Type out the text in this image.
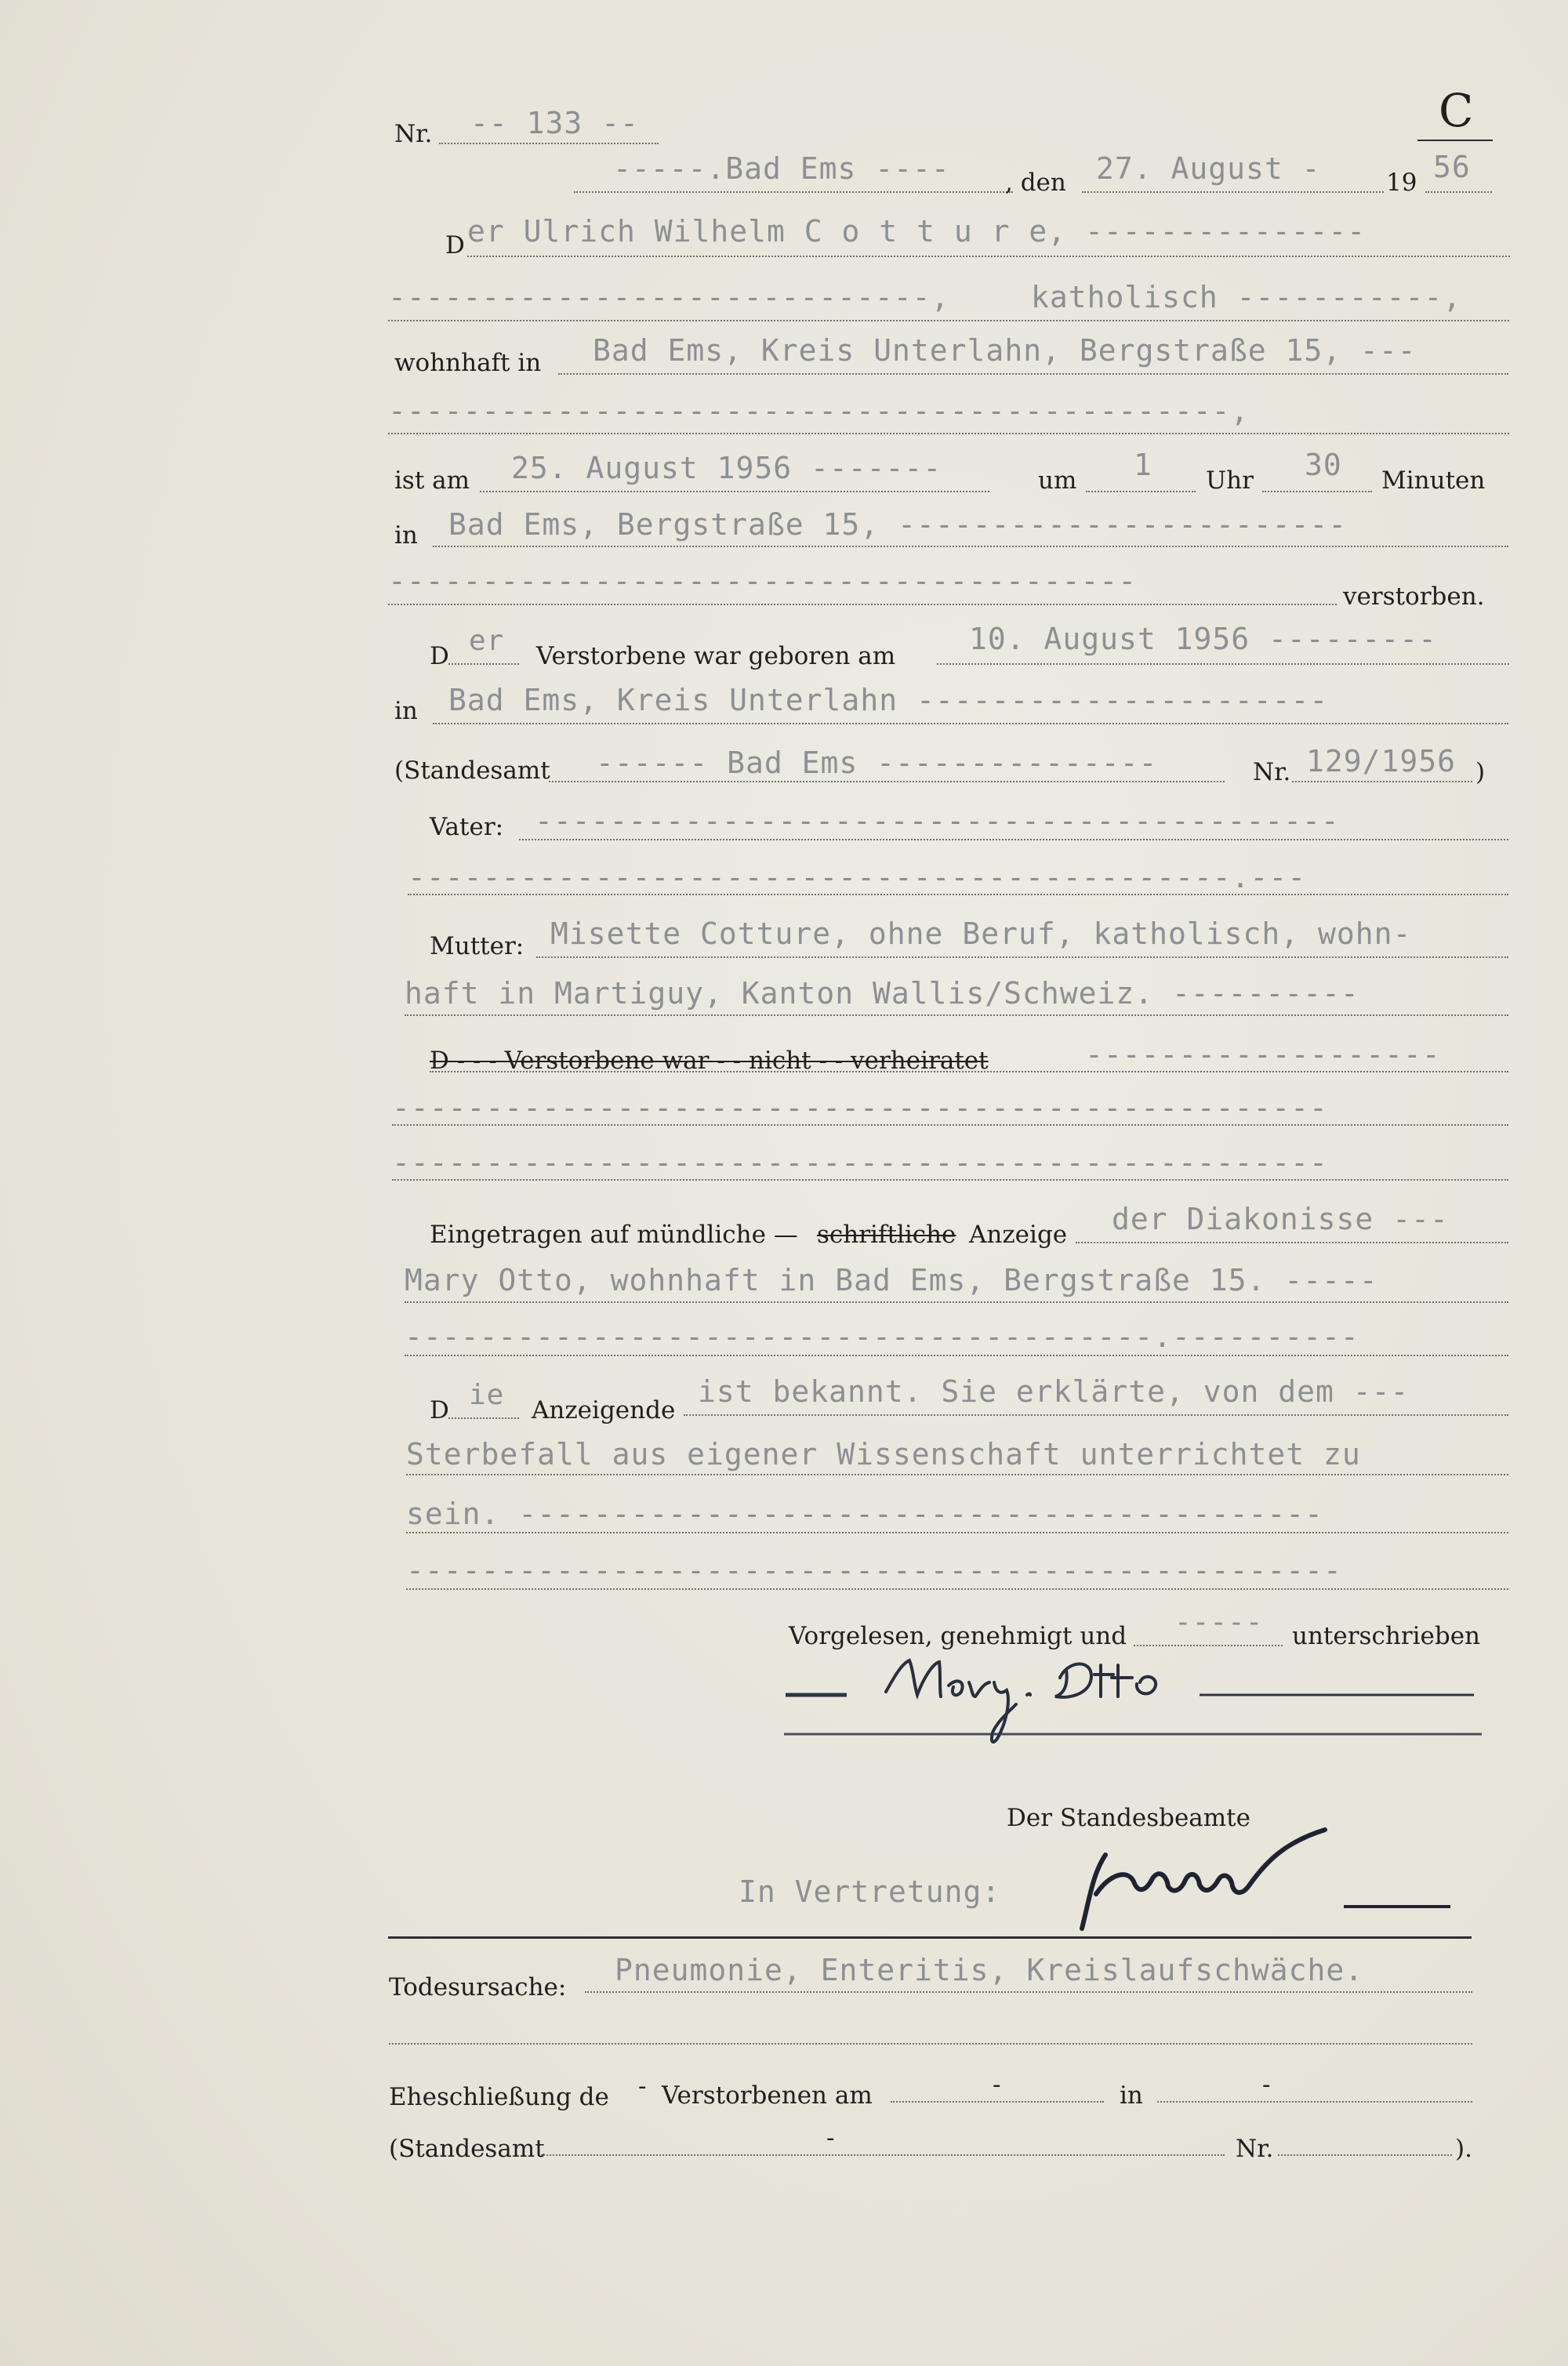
Nr. -- 133 --	C
-----.Bad Ems ---- , den 27. August -	19 56
D er Ulrich Wilhelm C o t t u r e, ---------------
-----------------------------,	katholisch -----------,
wohnhaft in Bad Ems, Kreis Unterlahn, Bergstraße 15, ---
---------------------------------------------,
ist am 25. August 1956 -------	um 1 Uhr 30 Minuten
in Bad Ems, Bergstraße 15, ------------------------
----------------------------------------	verstorben.
D er Verstorbene war geboren am 10. August 1956 ---------
in Bad Ems, Kreis Unterlahn ----------------------
(Standesamt ------ Bad Ems ---------------	Nr. 129/1956 )
Vater: -------------------------------------------
--------------------------------------------.---
Mutter: Misette Cotture, ohne Beruf, katholisch, wohn-
haft in Martiguy, Kanton Wallis/Schweiz. ----------
D - - - Verstorbene war - - nicht - - verheiratet	-------------------
--------------------------------------------------
--------------------------------------------------
Eingetragen auf mündliche — schriftliche Anzeige der Diakonisse ---
Mary Otto, wohnhaft in Bad Ems, Bergstraße 15. -----
----------------------------------------.----------
D ie Anzeigende
ist bekannt. Sie erklärte, von dem ---
Sterbefall aus eigener Wissenschaft unterrichtet zu
sein. -------------------------------------------
--------------------------------------------------
Vorgelesen, genehmigt und ----- unterschrieben
Der Standesbeamte
In Vertretung:
Todesursache: Pneumonie, Enteritis, Kreislaufschwäche.
Eheschließung de - Verstorbenen am	-	in	-
(Standesamt	-	Nr.	).
